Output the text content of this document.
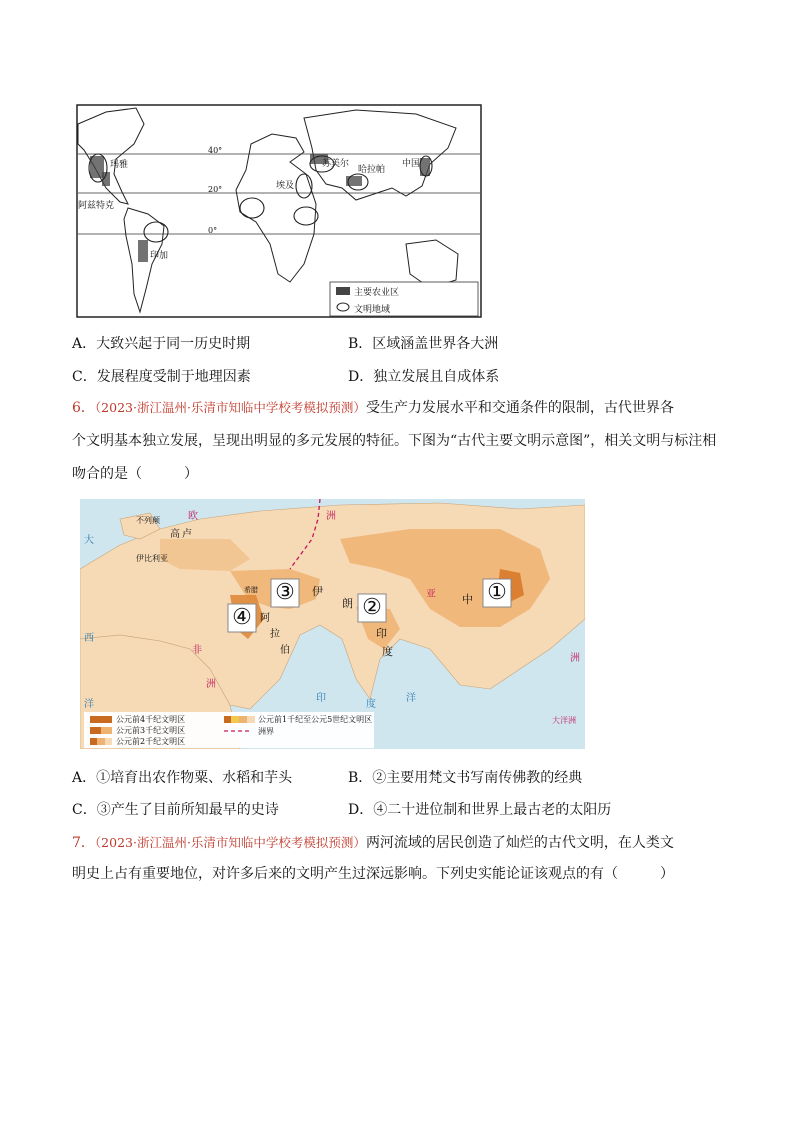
40°
20°
0°
玛雅
阿兹特克
印加
埃及
苏美尔
哈拉帕
中国
主要农业区
文明地域
A．大致兴起于同一历史时期	B．区域涵盖世界各大洲
C．发展程度受制于地理因素	D．独立发展且自成体系
6．（2023·浙江温州·乐清市知临中学校考模拟预测）受生产力发展水平和交通条件的限制，古代世界各
个文明基本独立发展，呈现出明显的多元发展的特征。下图为“古代主要文明示意图”，相关文明与标注相
吻合的是（　　　）
①
②
③
④
中
伊
朗
印
度
阿
拉
伯
高 卢
伊比利亚
希腊
非
洲
大
西
洋
印
度
洋
大洋洲
亚
洲
欧	洲
不列颠
公元前4千纪文明区
公元前3千纪文明区
公元前2千纪文明区
公元前1千纪至公元5世纪文明区
洲界
A．①培育出农作物粟、水稻和芋头	B．②主要用梵文书写南传佛教的经典
C．③产生了目前所知最早的史诗	D．④二十进位制和世界上最古老的太阳历
7．（2023·浙江温州·乐清市知临中学校考模拟预测）两河流域的居民创造了灿烂的古代文明，在人类文
明史上占有重要地位，对许多后来的文明产生过深远影响。下列史实能论证该观点的有（　　　）
